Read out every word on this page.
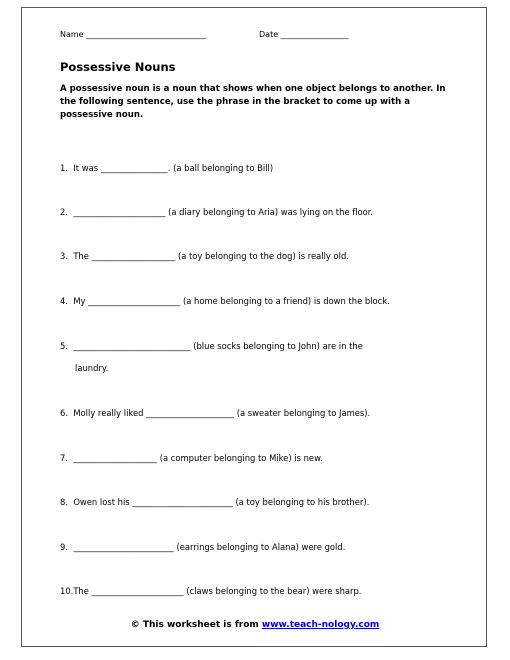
Name ______________________________	Date _________________
Possessive Nouns
A possessive noun is a noun that shows when one object belongs to another. In the following sentence, use the phrase in the bracket to come up with a possessive noun.
1.  It was ________________. (a ball belonging to Bill)
2.  ______________________ (a diary belonging to Aria) was lying on the floor.
3.  The ____________________ (a toy belonging to the dog) is really old.
4.  My ______________________ (a home belonging to a friend) is down the block.
5.  ____________________________ (blue socks belonging to John) are in the
laundry.
6.  Molly really liked _____________________ (a sweater belonging to James).
7.  ____________________ (a computer belonging to Mike) is new.
8.  Owen lost his ________________________ (a toy belonging to his brother).
9.  ________________________ (earrings belonging to Alana) were gold.
10.The ______________________ (claws belonging to the bear) were sharp.
© This worksheet is from www.teach-nology.com
